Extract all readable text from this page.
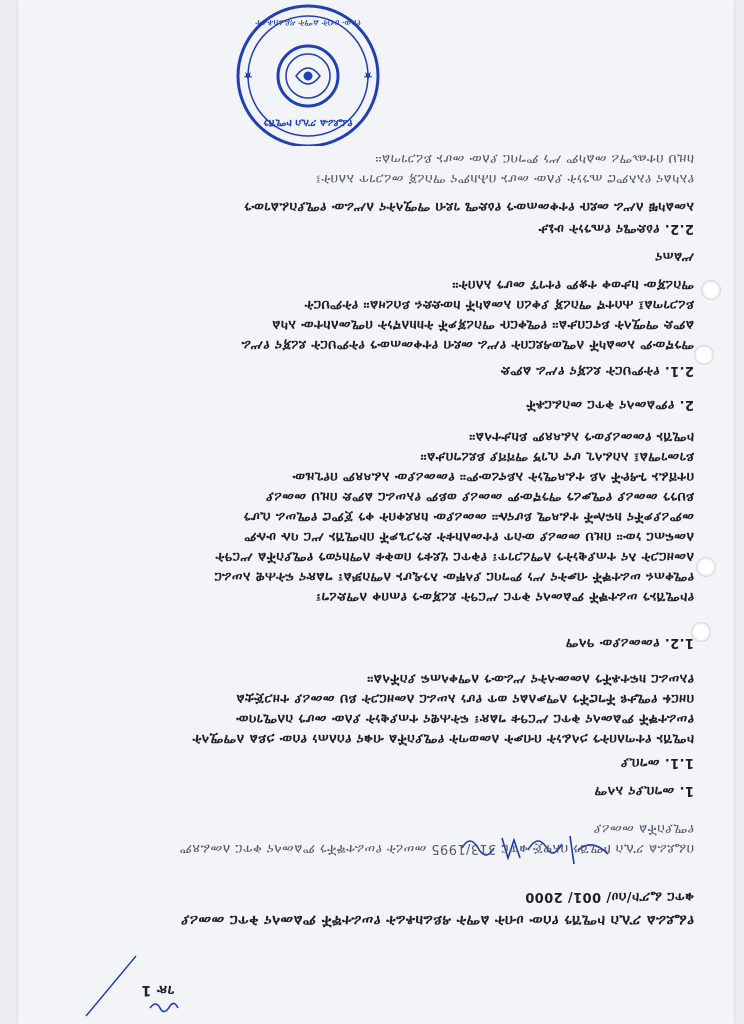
የፌደራል ፖሊስ ኮሚሽን
የሰው ሀብት ልማት ዳይሬክቶሬት
★
★
ገጽ 1
የፌደራል ፖሊስ ኮሚሽን የሰው ሀብት ልማት ዳይሬክቶሬት የሠራተኞች ምልመላና ቅጥር መመሪያ
ቁጥር ፌፖኮ/ሰሀ/ 001/ 2000
በፌደራል ፖሊስ ኮሚሽን በአዋጅ ቁጥር 313/1995 መሠረት የሠራተኞችን ምልመላና ቅጥር ለመፈጸም
የሚያስችል መመሪያ
1. መግቢያና አላማ
1.1. መግቢያ
ኮሚሽኑ የተጣለበትን ኃላፊነት በብቃት ለመወጣት የሚያስችል ብቁና የሰለጠነ የሰው ኃይል ለማሟላት
የሠራተኞች ምልመላና ቅጥር ሥርዓቱ ግልጽ፣ ፍትሐዊና ተጠያቂነት ያለው መሆን ስለሚገባው
በዘርፉ የሚታዩ ችግሮችን ለማቃለልና ወጥ የሆነ አሠራር ለመዘርጋት ይህ መመሪያ ተዘጋጅቷል
የአሠራር ክፍተቶችን ለመሙላትና ሥራውን ለማቀላጠፍ ያስችላል።
1.2. የመመሪያው ዓላማ
የኮሚሽኑን ሠራተኞች ምልመላና ቅጥር ሥርዓት ደረጃውን የጠበቀ ለማድረግ፣
የሚቀጠሩ ሠራተኞች ብቃትና ሥነ ምግባር ያላቸው እንዲሆኑ ለማስቻል፣ ግልጽና ፍትሐዊ አሠራር
ለመዘርጋት እና ተጠያቂነትን ለማረጋገጥ፣ የቅጥር ሂደቱን በወቅቱ ለማከናወን የሚያስችል ሥርዓት
ለመፍጠር ነው። በዚህ መመሪያ ውስጥ የተመለከቱት ድንጋጌዎች በኮሚሽኑ ሥር ባሉ ሁሉም
መምሪያዎችና ክፍሎች ተፈጻሚ ይሆናሉ። መመሪያው ከጸደቀበት ቀን ጀምሮ የሚሠራ ሲሆን
ይህንን መመሪያ የሚቃረን ማንኛውም መመሪያ ወይም የአሠራር ልምድ በዚህ መመሪያ
በተሸፈኑ ጉዳዮች ላይ ተፈጻሚነት አይኖረውም። የመመሪያው አፈጻጸም በየጊዜው
ይገመገማል፤ አስፈላጊ ሆኖ ሲገኝ ማሻሻያ ይደረግበታል።
ኮሚሽኑ የመመሪያውን አፈጻጸም ይከታተላል።
2. የምልመላና ቅጥር መስፈርቶች
2.1. የትምህርት ደረጃና የሥራ ልምድ
ማንኛውም አመልካች ለሚወዳደርበት የሥራ መደብ የተቀመጠውን የትምህርት ደረጃና የሥራ
ልምድ ማሟላት ይኖርበታል። የሚቀርቡ ማስረጃዎች ትክክለኛነት በሚመለከተው አካል
ይረጋገጣል፤ ሐሰተኛ ማስረጃ ያቀረበ አመልካች ከውድድሩ ይሰረዛል። የትምህርት
ማስረጃው ከታወቀ ተቋም የተገኘ መሆን አለበት።
ሥልጠና
2.2. የዕድሜና የጤንነት ሁኔታ
አመልካቹ ለሥራ መደቡ የተቀመጠውን የዕድሜ ገደብ ማሟላትና ለሥራው የሚያስፈልገውን
የአካልና የአእምሮ ጤንነት ያለው መሆኑ በሕክምና ማስረጃ መረጋገጥ አለበት፤
ከዚህ በተጨማሪ መልካም ሥነ ምግባር ያለው መሆኑ ይረጋገጣል።
